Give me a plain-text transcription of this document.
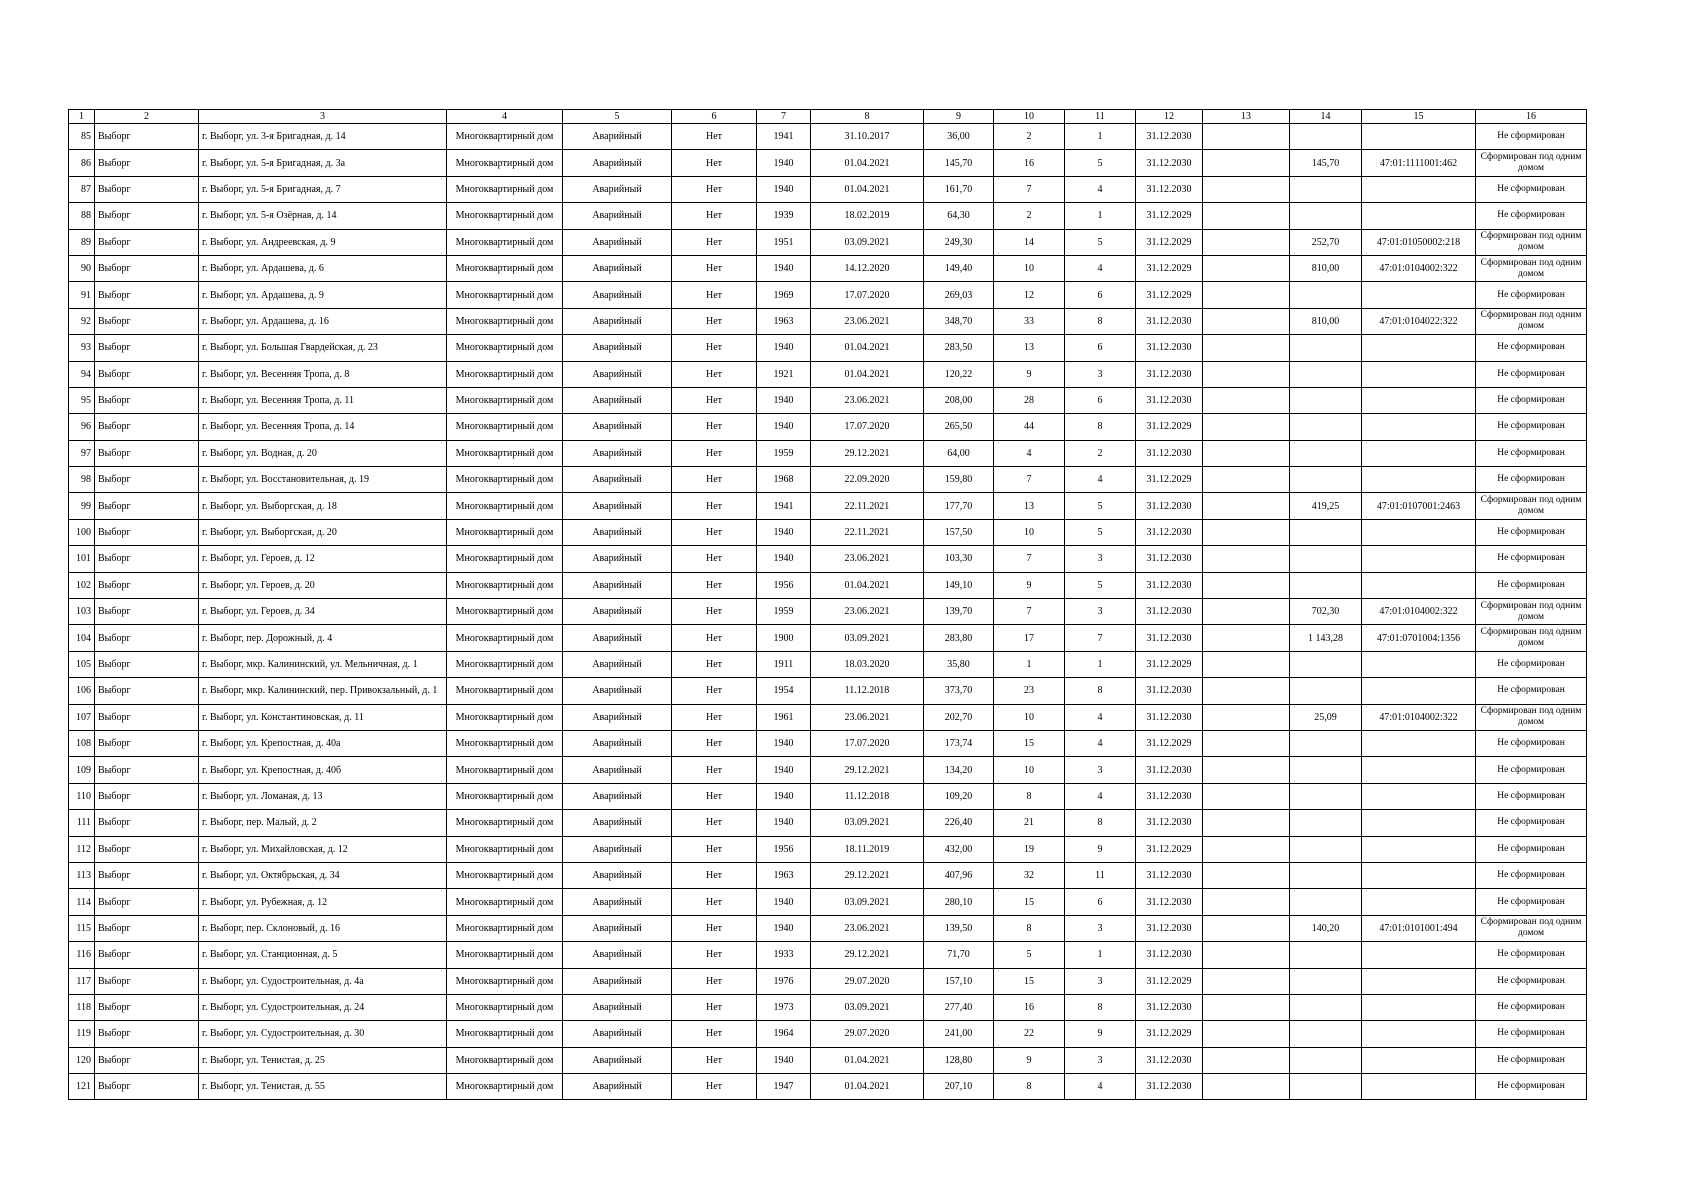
1	2	3	4	5	6	7	8	9	10	11	12	13	14	15	16
85	Выборг	г. Выборг, ул. 3-я Бригадная, д. 14	Многоквартирный дом	Аварийный	Нет	1941	31.10.2017	36,00	2	1	31.12.2030				Не сформирован
86	Выборг	г. Выборг, ул. 5-я Бригадная, д. 3а	Многоквартирный дом	Аварийный	Нет	1940	01.04.2021	145,70	16	5	31.12.2030		145,70	47:01:1111001:462	Сформирован под одним домом
87	Выборг	г. Выборг, ул. 5-я Бригадная, д. 7	Многоквартирный дом	Аварийный	Нет	1940	01.04.2021	161,70	7	4	31.12.2030				Не сформирован
88	Выборг	г. Выборг, ул. 5-я Озёрная, д. 14	Многоквартирный дом	Аварийный	Нет	1939	18.02.2019	64,30	2	1	31.12.2029				Не сформирован
89	Выборг	г. Выборг, ул. Андреевская, д. 9	Многоквартирный дом	Аварийный	Нет	1951	03.09.2021	249,30	14	5	31.12.2029		252,70	47:01:01050002:218	Сформирован под одним домом
90	Выборг	г. Выборг, ул. Ардашева, д. 6	Многоквартирный дом	Аварийный	Нет	1940	14.12.2020	149,40	10	4	31.12.2029		810,00	47:01:0104002:322	Сформирован под одним домом
91	Выборг	г. Выборг, ул. Ардашева, д. 9	Многоквартирный дом	Аварийный	Нет	1969	17.07.2020	269,03	12	6	31.12.2029				Не сформирован
92	Выборг	г. Выборг, ул. Ардашева, д. 16	Многоквартирный дом	Аварийный	Нет	1963	23.06.2021	348,70	33	8	31.12.2030		810,00	47:01:0104022:322	Сформирован под одним домом
93	Выборг	г. Выборг, ул. Большая Гвардейская, д. 23	Многоквартирный дом	Аварийный	Нет	1940	01.04.2021	283,50	13	6	31.12.2030				Не сформирован
94	Выборг	г. Выборг, ул. Весенняя Тропа, д. 8	Многоквартирный дом	Аварийный	Нет	1921	01.04.2021	120,22	9	3	31.12.2030				Не сформирован
95	Выборг	г. Выборг, ул. Весенняя Тропа, д. 11	Многоквартирный дом	Аварийный	Нет	1940	23.06.2021	208,00	28	6	31.12.2030				Не сформирован
96	Выборг	г. Выборг, ул. Весенняя Тропа, д. 14	Многоквартирный дом	Аварийный	Нет	1940	17.07.2020	265,50	44	8	31.12.2029				Не сформирован
97	Выборг	г. Выборг, ул. Водная, д. 20	Многоквартирный дом	Аварийный	Нет	1959	29.12.2021	64,00	4	2	31.12.2030				Не сформирован
98	Выборг	г. Выборг, ул. Восстановительная, д. 19	Многоквартирный дом	Аварийный	Нет	1968	22.09.2020	159,80	7	4	31.12.2029				Не сформирован
99	Выборг	г. Выборг, ул. Выборгская, д. 18	Многоквартирный дом	Аварийный	Нет	1941	22.11.2021	177,70	13	5	31.12.2030		419,25	47:01:0107001:2463	Сформирован под одним домом
100	Выборг	г. Выборг, ул. Выборгская, д. 20	Многоквартирный дом	Аварийный	Нет	1940	22.11.2021	157,50	10	5	31.12.2030				Не сформирован
101	Выборг	г. Выборг, ул. Героев, д. 12	Многоквартирный дом	Аварийный	Нет	1940	23.06.2021	103,30	7	3	31.12.2030				Не сформирован
102	Выборг	г. Выборг, ул. Героев, д. 20	Многоквартирный дом	Аварийный	Нет	1956	01.04.2021	149,10	9	5	31.12.2030				Не сформирован
103	Выборг	г. Выборг, ул. Героев, д. 34	Многоквартирный дом	Аварийный	Нет	1959	23.06.2021	139,70	7	3	31.12.2030		702,30	47:01:0104002:322	Сформирован под одним домом
104	Выборг	г. Выборг, пер. Дорожный, д. 4	Многоквартирный дом	Аварийный	Нет	1900	03.09.2021	283,80	17	7	31.12.2030		1 143,28	47:01:0701004:1356	Сформирован под одним домом
105	Выборг	г. Выборг, мкр. Калининский, ул. Мельничная, д. 1	Многоквартирный дом	Аварийный	Нет	1911	18.03.2020	35,80	1	1	31.12.2029				Не сформирован
106	Выборг	г. Выборг, мкр. Калининский, пер. Привокзальный, д. 1	Многоквартирный дом	Аварийный	Нет	1954	11.12.2018	373,70	23	8	31.12.2030				Не сформирован
107	Выборг	г. Выборг, ул. Константиновская, д. 11	Многоквартирный дом	Аварийный	Нет	1961	23.06.2021	202,70	10	4	31.12.2030		25,09	47:01:0104002:322	Сформирован под одним домом
108	Выборг	г. Выборг, ул. Крепостная, д. 40а	Многоквартирный дом	Аварийный	Нет	1940	17.07.2020	173,74	15	4	31.12.2029				Не сформирован
109	Выборг	г. Выборг, ул. Крепостная, д. 40б	Многоквартирный дом	Аварийный	Нет	1940	29.12.2021	134,20	10	3	31.12.2030				Не сформирован
110	Выборг	г. Выборг, ул. Ломаная, д. 13	Многоквартирный дом	Аварийный	Нет	1940	11.12.2018	109,20	8	4	31.12.2030				Не сформирован
111	Выборг	г. Выборг, пер. Малый, д. 2	Многоквартирный дом	Аварийный	Нет	1940	03.09.2021	226,40	21	8	31.12.2030				Не сформирован
112	Выборг	г. Выборг, ул. Михайловская, д. 12	Многоквартирный дом	Аварийный	Нет	1956	18.11.2019	432,00	19	9	31.12.2029				Не сформирован
113	Выборг	г. Выборг, ул. Октябрьская, д. 34	Многоквартирный дом	Аварийный	Нет	1963	29.12.2021	407,96	32	11	31.12.2030				Не сформирован
114	Выборг	г. Выборг, ул. Рубежная, д. 12	Многоквартирный дом	Аварийный	Нет	1940	03.09.2021	280,10	15	6	31.12.2030				Не сформирован
115	Выборг	г. Выборг, пер. Склоновый, д. 16	Многоквартирный дом	Аварийный	Нет	1940	23.06.2021	139,50	8	3	31.12.2030		140,20	47:01:0101001:494	Сформирован под одним домом
116	Выборг	г. Выборг, ул. Станционная, д. 5	Многоквартирный дом	Аварийный	Нет	1933	29.12.2021	71,70	5	1	31.12.2030				Не сформирован
117	Выборг	г. Выборг, ул. Судостроительная, д. 4а	Многоквартирный дом	Аварийный	Нет	1976	29.07.2020	157,10	15	3	31.12.2029				Не сформирован
118	Выборг	г. Выборг, ул. Судостроительная, д. 24	Многоквартирный дом	Аварийный	Нет	1973	03.09.2021	277,40	16	8	31.12.2030				Не сформирован
119	Выборг	г. Выборг, ул. Судостроительная, д. 30	Многоквартирный дом	Аварийный	Нет	1964	29.07.2020	241,00	22	9	31.12.2029				Не сформирован
120	Выборг	г. Выборг, ул. Тенистая, д. 25	Многоквартирный дом	Аварийный	Нет	1940	01.04.2021	128,80	9	3	31.12.2030				Не сформирован
121	Выборг	г. Выборг, ул. Тенистая, д. 55	Многоквартирный дом	Аварийный	Нет	1947	01.04.2021	207,10	8	4	31.12.2030				Не сформирован
